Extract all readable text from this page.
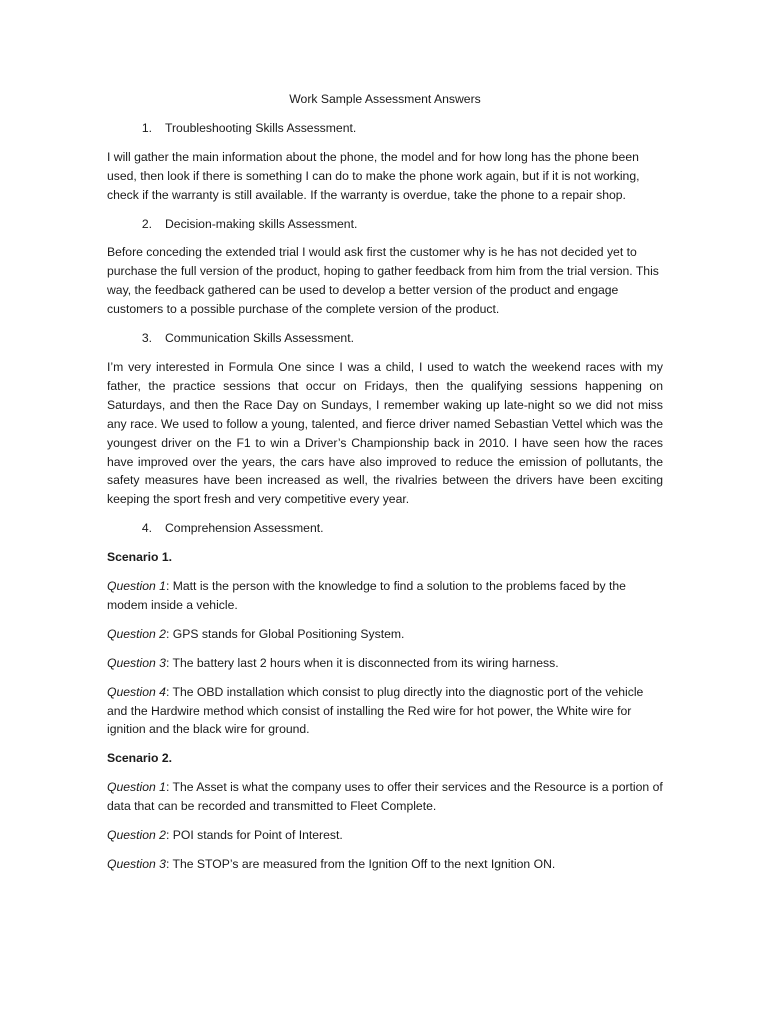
Work Sample Assessment Answers
1. Troubleshooting Skills Assessment.

I will gather the main information about the phone, the model and for how long has the phone been used, then look if there is something I can do to make the phone work again, but if it is not working, check if the warranty is still available. If the warranty is overdue, take the phone to a repair shop.

2. Decision-making skills Assessment.

Before conceding the extended trial I would ask first the customer why is he has not decided yet to purchase the full version of the product, hoping to gather feedback from him from the trial version. This way, the feedback gathered can be used to develop a better version of the product and engage customers to a possible purchase of the complete version of the product.

3. Communication Skills Assessment.

I’m very interested in Formula One since I was a child, I used to watch the weekend races with my father, the practice sessions that occur on Fridays, then the qualifying sessions happening on Saturdays, and then the Race Day on Sundays, I remember waking up late-night so we did not miss any race. We used to follow a young, talented, and fierce driver named Sebastian Vettel which was the youngest driver on the F1 to win a Driver’s Championship back in 2010. I have seen how the races have improved over the years, the cars have also improved to reduce the emission of pollutants, the safety measures have been increased as well, the rivalries between the drivers have been exciting keeping the sport fresh and very competitive every year.

4. Comprehension Assessment.
Scenario 1.

Question 1: Matt is the person with the knowledge to find a solution to the problems faced by the modem inside a vehicle.

Question 2: GPS stands for Global Positioning System.

Question 3: The battery last 2 hours when it is disconnected from its wiring harness.

Question 4: The OBD installation which consist to plug directly into the diagnostic port of the vehicle and the Hardwire method which consist of installing the Red wire for hot power, the White wire for ignition and the black wire for ground.

Scenario 2.

Question 1: The Asset is what the company uses to offer their services and the Resource is a portion of data that can be recorded and transmitted to Fleet Complete.

Question 2: POI stands for Point of Interest.

Question 3: The STOP’s are measured from the Ignition Off to the next Ignition ON.
